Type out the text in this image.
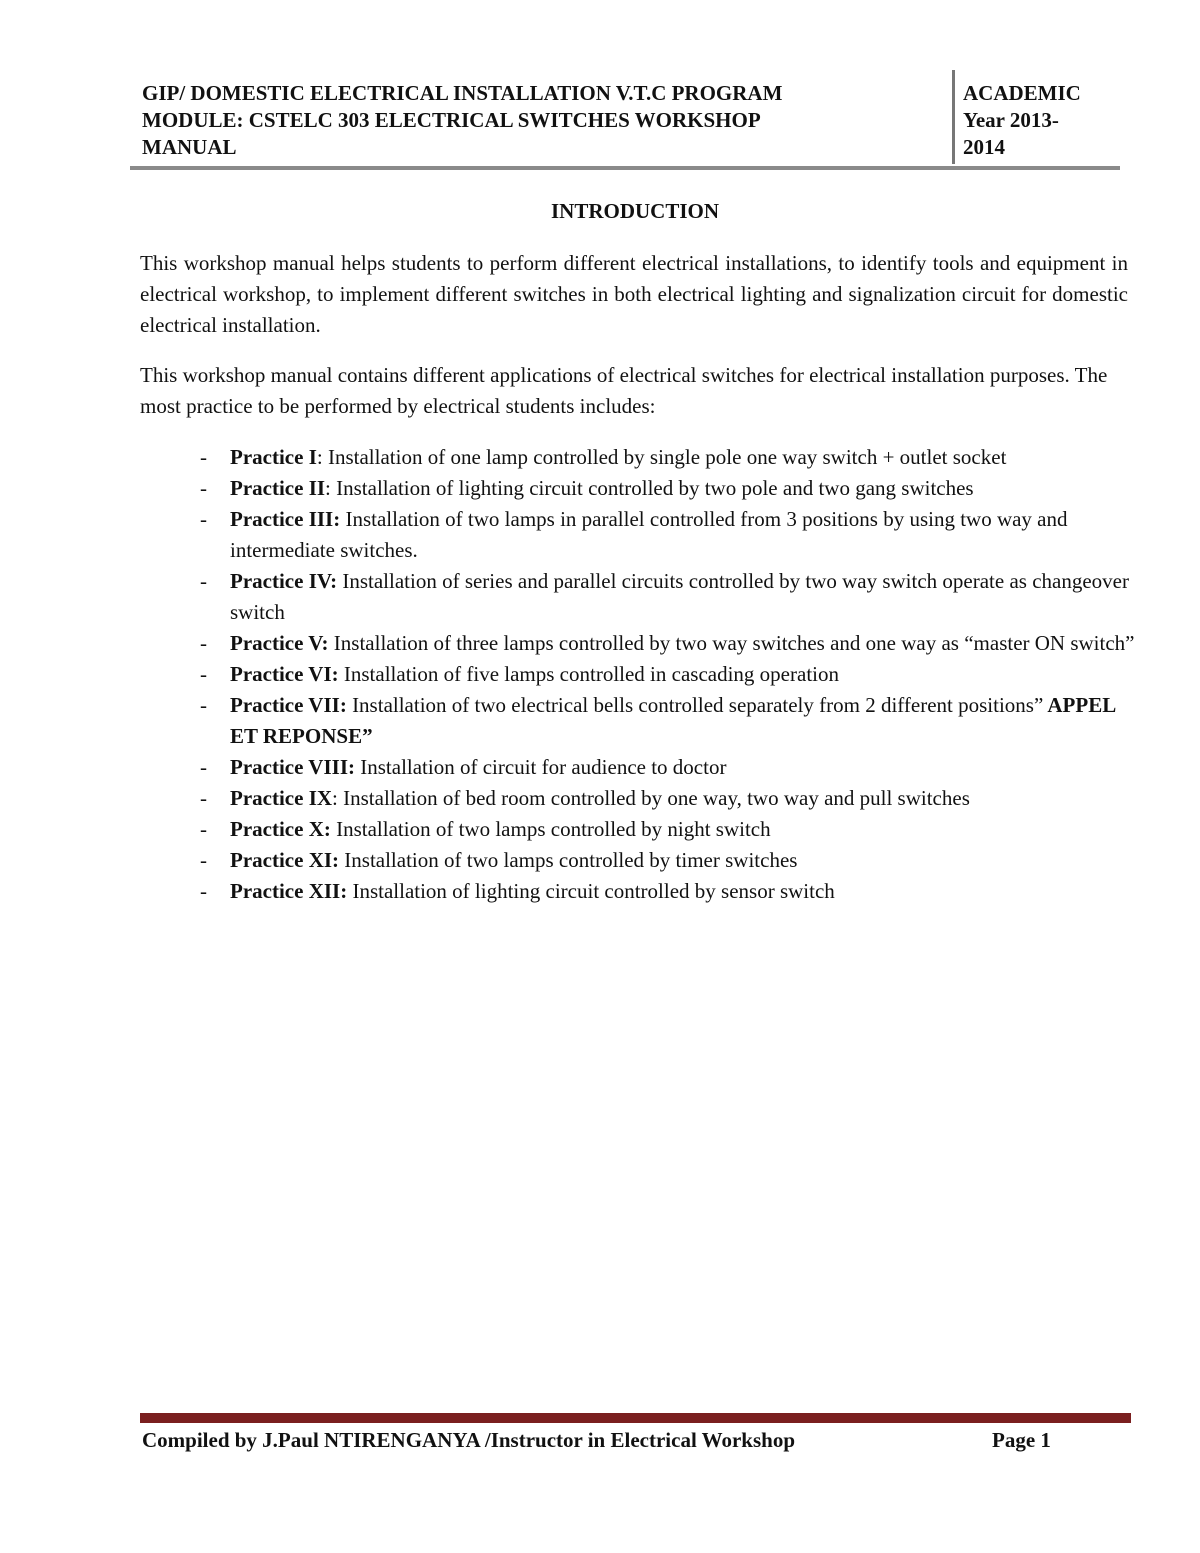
GIP/ DOMESTIC ELECTRICAL INSTALLATION V.T.C PROGRAM
MODULE: CSTELC 303 ELECTRICAL SWITCHES WORKSHOP
MANUAL
ACADEMIC
Year 2013-
2014
INTRODUCTION
This workshop manual helps students to perform different electrical installations, to identify tools and equipment in electrical workshop, to implement different switches in both electrical lighting and signalization circuit for domestic electrical installation.
This workshop manual contains different applications of electrical switches for electrical installation purposes. The most practice to be performed by electrical students includes:
- Practice I: Installation of one lamp controlled by single pole one way switch + outlet socket
- Practice II: Installation of lighting circuit controlled by two pole and two gang switches
- Practice III: Installation of two lamps in parallel controlled from 3 positions by using two way and intermediate switches.
- Practice IV: Installation of series and parallel circuits controlled by two way switch operate as changeover switch
- Practice V: Installation of three lamps controlled by two way switches and one way as “master ON switch”
- Practice VI: Installation of five lamps controlled in cascading operation
- Practice VII: Installation of two electrical bells controlled separately from 2 different positions” APPEL ET REPONSE”
- Practice VIII: Installation of circuit for audience to doctor
- Practice IX: Installation of bed room controlled by one way, two way and pull switches
- Practice X: Installation of two lamps controlled by night switch
- Practice XI: Installation of two lamps controlled by timer switches
- Practice XII: Installation of lighting circuit controlled by sensor switch
Compiled by J.Paul NTIRENGANYA /Instructor in Electrical Workshop	Page 1
